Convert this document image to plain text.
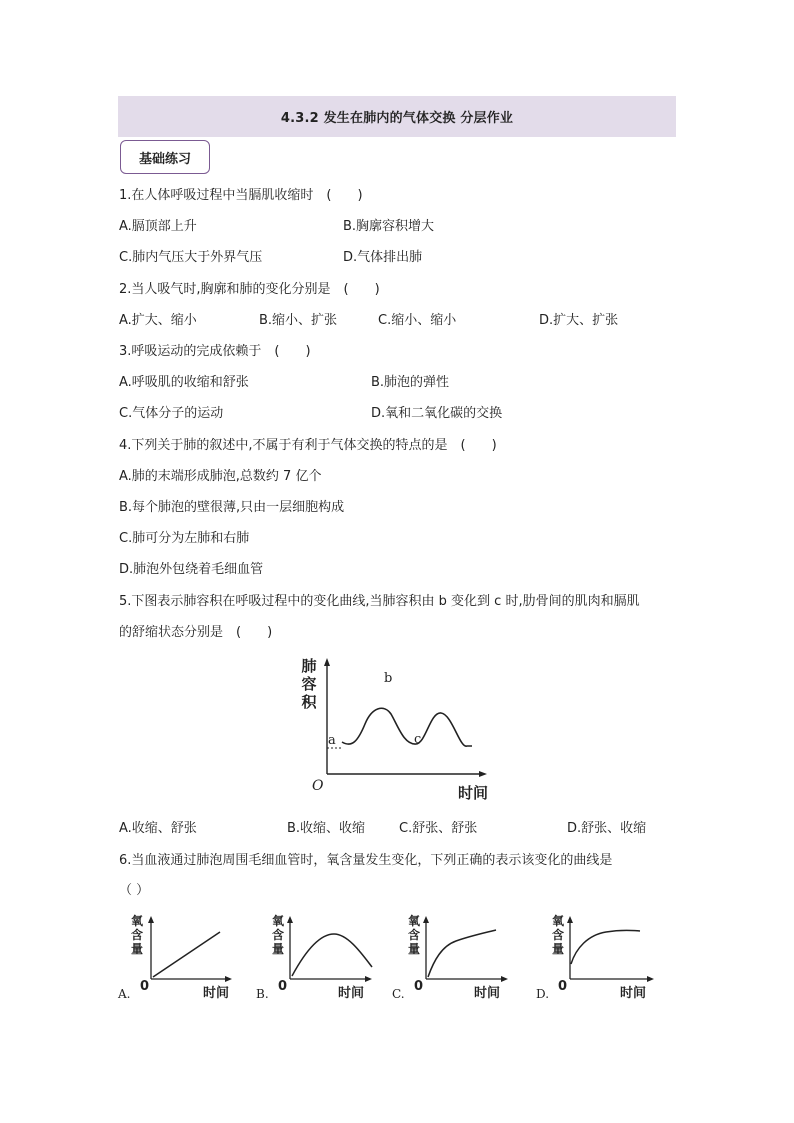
4.3.2 发生在肺内的气体交换 分层作业
基础练习
1.在人体呼吸过程中当膈肌收缩时　(　　)
A.膈顶部上升	B.胸廓容积增大
C.肺内气压大于外界气压	D.气体排出肺
2.当人吸气时,胸廓和肺的变化分别是　(　　)
A.扩大、缩小	B.缩小、扩张	C.缩小、缩小	D.扩大、扩张
3.呼吸运动的完成依赖于　(　　)
A.呼吸肌的收缩和舒张	B.肺泡的弹性
C.气体分子的运动	D.氧和二氧化碳的交换
4.下列关于肺的叙述中,不属于有利于气体交换的特点的是　(　　)
A.肺的末端形成肺泡,总数约 7 亿个
B.每个肺泡的壁很薄,只由一层细胞构成
C.肺可分为左肺和右肺
D.肺泡外包绕着毛细血管
5.下图表示肺容积在呼吸过程中的变化曲线,当肺容积由 b 变化到 c 时,肋骨间的肌肉和膈肌
的舒缩状态分别是　(　　)
肺
容
积
a
b
c
O	时间
A.收缩、舒张	B.收缩、收缩	C.舒张、舒张	D.舒张、收缩
6.当血液通过肺泡周围毛细血管时，氧含量发生变化，下列正确的表示该变化的曲线是
（ ）
A.
氧
含
量
0	时间 B.
氧
含
量
0	时间 C.
氧
含
量
0	时间	D.
氧
含
量
0	时间
